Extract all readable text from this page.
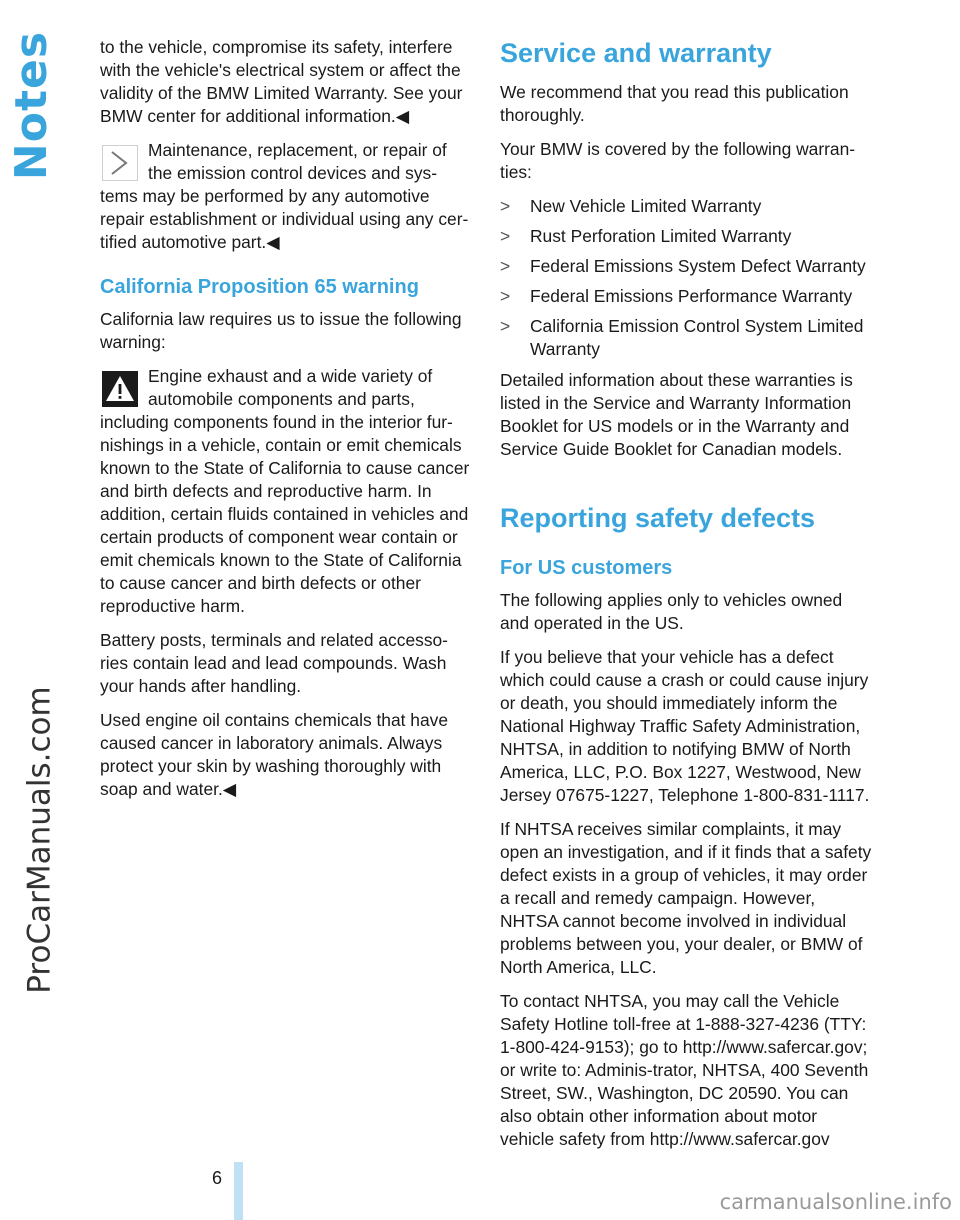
Notes
ProCarManuals.com

to the vehicle, compromise its safety, interfere with the vehicle's electrical system or affect the validity of the BMW Limited Warranty. See your BMW center for additional information.◀

Maintenance, replacement, or repair of the emission control devices and sys-
tems may be performed by any automotive repair establishment or individual using any cer-tified automotive part.◀
California Proposition 65 warning

California law requires us to issue the following warning:

Engine exhaust and a wide variety of automobile components and parts,
including components found in the interior fur-nishings in a vehicle, contain or emit chemicals known to the State of California to cause cancer and birth defects and reproductive harm. In addition, certain fluids contained in vehicles and certain products of component wear contain or emit chemicals known to the State of California to cause cancer and birth defects or other reproductive harm.

Battery posts, terminals and related accesso-ries contain lead and lead compounds. Wash your hands after handling.

Used engine oil contains chemicals that have caused cancer in laboratory animals. Always protect your skin by washing thoroughly with soap and water.◀

Service and warranty

We recommend that you read this publication thoroughly.

Your BMW is covered by the following warran-ties:

>	New Vehicle Limited Warranty
>	Rust Perforation Limited Warranty
>	Federal Emissions System Defect Warranty
>	Federal Emissions Performance Warranty
>	California Emission Control System Limited Warranty

Detailed information about these warranties is listed in the Service and Warranty Information Booklet for US models or in the Warranty and Service Guide Booklet for Canadian models.

Reporting safety defects
For US customers

The following applies only to vehicles owned and operated in the US.

If you believe that your vehicle has a defect which could cause a crash or could cause injury or death, you should immediately inform the National Highway Traffic Safety Administration, NHTSA, in addition to notifying BMW of North America, LLC, P.O. Box 1227, Westwood, New Jersey 07675-1227, Telephone 1-800-831-1117.

If NHTSA receives similar complaints, it may open an investigation, and if it finds that a safety defect exists in a group of vehicles, it may order a recall and remedy campaign. However, NHTSA cannot become involved in individual problems between you, your dealer, or BMW of North America, LLC.

To contact NHTSA, you may call the Vehicle Safety Hotline toll-free at 1-888-327-4236 (TTY: 1-800-424-9153); go to http://www.safercar.gov; or write to: Adminis-trator, NHTSA, 400 Seventh Street, SW., Washington, DC 20590. You can also obtain other information about motor vehicle safety from http://www.safercar.gov

6
carmanualsonline.info
